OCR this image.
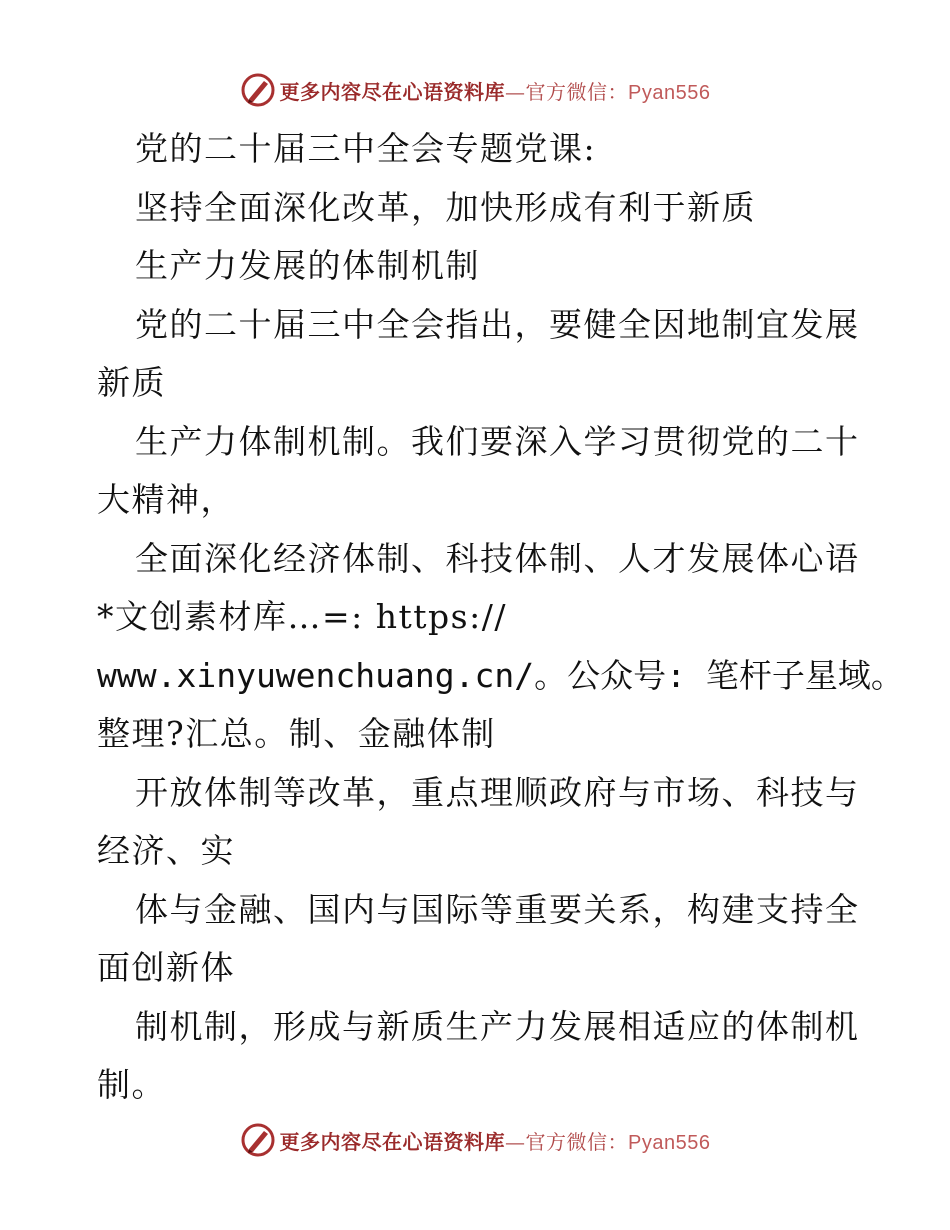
更多内容尽在心语资料库—官方微信：Pyan556
党的二十届三中全会专题党课:
坚持全面深化改革，加快形成有利于新质
生产力发展的体制机制
党的二十届三中全会指出，要健全因地制宜发展
新质
生产力体制机制。我们要深入学习贯彻党的二十
大精神，
全面深化经济体制、科技体制、人才发展体心语
*文创素材库…=: https://
www.xinyuwenchuang.cn/。公众号: 笔杆子星域。
整理?汇总。制、金融体制
开放体制等改革，重点理顺政府与市场、科技与
经济、实
体与金融、国内与国际等重要关系，构建支持全
面创新体
制机制，形成与新质生产力发展相适应的体制机
制。
更多内容尽在心语资料库—官方微信：Pyan556
